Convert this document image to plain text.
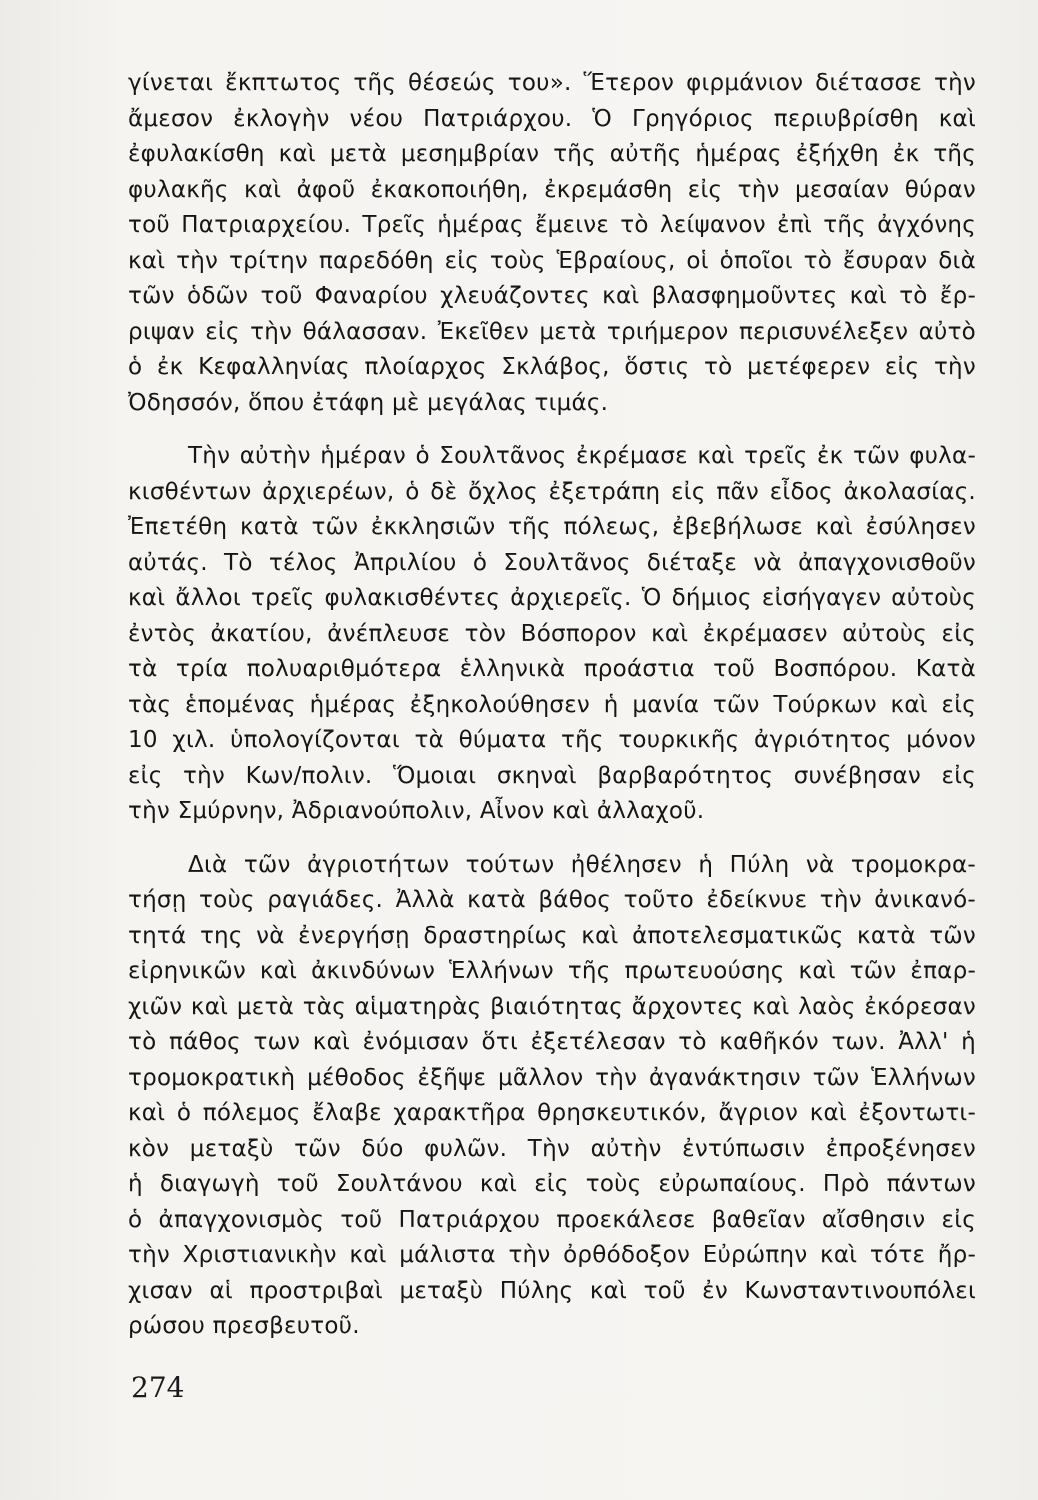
γίνεται ἔκπτωτος τῆς θέσεώς του». Ἕτερον φιρμάνιον διέτασσε τὴν
ἄμεσον ἐκλογὴν νέου Πατριάρχου. Ὁ Γρηγόριος περιυβρίσθη καὶ
ἐφυλακίσθη καὶ μετὰ μεσημβρίαν τῆς αὐτῆς ἡμέρας ἐξήχθη ἐκ τῆς
φυλακῆς καὶ ἀφοῦ ἐκακοποιήθη, ἐκρεμάσθη εἰς τὴν μεσαίαν θύραν
τοῦ Πατριαρχείου. Τρεῖς ἡμέρας ἔμεινε τὸ λείψανον ἐπὶ τῆς ἀγχόνης
καὶ τὴν τρίτην παρεδόθη εἰς τοὺς Ἑβραίους, οἱ ὁποῖοι τὸ ἔσυραν διὰ
τῶν ὁδῶν τοῦ Φαναρίου χλευάζοντες καὶ βλασφημοῦντες καὶ τὸ ἔρ-
ριψαν εἰς τὴν θάλασσαν. Ἐκεῖθεν μετὰ τριήμερον περισυνέλεξεν αὐτὸ
ὁ ἐκ Κεφαλληνίας πλοίαρχος Σκλάβος, ὅστις τὸ μετέφερεν εἰς τὴν
Ὀδησσόν, ὅπου ἐτάφη μὲ μεγάλας τιμάς.
Τὴν αὐτὴν ἡμέραν ὁ Σουλτᾶνος ἐκρέμασε καὶ τρεῖς ἐκ τῶν φυλα-
κισθέντων ἀρχιερέων, ὁ δὲ ὄχλος ἐξετράπη εἰς πᾶν εἶδος ἀκολασίας.
Ἐπετέθη κατὰ τῶν ἐκκλησιῶν τῆς πόλεως, ἐβεβήλωσε καὶ ἐσύλησεν
αὐτάς. Τὸ τέλος Ἀπριλίου ὁ Σουλτᾶνος διέταξε νὰ ἀπαγχονισθοῦν
καὶ ἄλλοι τρεῖς φυλακισθέντες ἀρχιερεῖς. Ὁ δήμιος εἰσήγαγεν αὐτοὺς
ἐντὸς ἀκατίου, ἀνέπλευσε τὸν Βόσπορον καὶ ἐκρέμασεν αὐτοὺς εἰς
τὰ τρία πολυαριθμότερα ἑλληνικὰ προάστια τοῦ Βοσπόρου. Κατὰ
τὰς ἑπομένας ἡμέρας ἐξηκολούθησεν ἡ μανία τῶν Τούρκων καὶ εἰς
10 χιλ. ὑπολογίζονται τὰ θύματα τῆς τουρκικῆς ἀγριότητος μόνον
εἰς τὴν Κων/πολιν. Ὅμοιαι σκηναὶ βαρβαρότητος συνέβησαν εἰς
τὴν Σμύρνην, Ἀδριανούπολιν, Αἶνον καὶ ἀλλαχοῦ.
Διὰ τῶν ἀγριοτήτων τούτων ἠθέλησεν ἡ Πύλη νὰ τρομοκρα-
τήσῃ τοὺς ραγιάδες. Ἀλλὰ κατὰ βάθος τοῦτο ἐδείκνυε τὴν ἀνικανό-
τητά της νὰ ἐνεργήσῃ δραστηρίως καὶ ἀποτελεσματικῶς κατὰ τῶν
εἰρηνικῶν καὶ ἀκινδύνων Ἑλλήνων τῆς πρωτευούσης καὶ τῶν ἐπαρ-
χιῶν καὶ μετὰ τὰς αἱματηρὰς βιαιότητας ἄρχοντες καὶ λαὸς ἐκόρεσαν
τὸ πάθος των καὶ ἐνόμισαν ὅτι ἐξετέλεσαν τὸ καθῆκόν των. Ἀλλ' ἡ
τρομοκρατικὴ μέθοδος ἐξῆψε μᾶλλον τὴν ἀγανάκτησιν τῶν Ἑλλήνων
καὶ ὁ πόλεμος ἔλαβε χαρακτῆρα θρησκευτικόν, ἄγριον καὶ ἐξοντωτι-
κὸν μεταξὺ τῶν δύο φυλῶν. Τὴν αὐτὴν ἐντύπωσιν ἐπροξένησεν
ἡ διαγωγὴ τοῦ Σουλτάνου καὶ εἰς τοὺς εὐρωπαίους. Πρὸ πάντων
ὁ ἀπαγχονισμὸς τοῦ Πατριάρχου προεκάλεσε βαθεῖαν αἴσθησιν εἰς
τὴν Χριστιανικὴν καὶ μάλιστα τὴν ὀρθόδοξον Εὐρώπην καὶ τότε ἤρ-
χισαν αἱ προστριβαὶ μεταξὺ Πύλης καὶ τοῦ ἐν Κωνσταντινουπόλει
ρώσου πρεσβευτοῦ.
274
